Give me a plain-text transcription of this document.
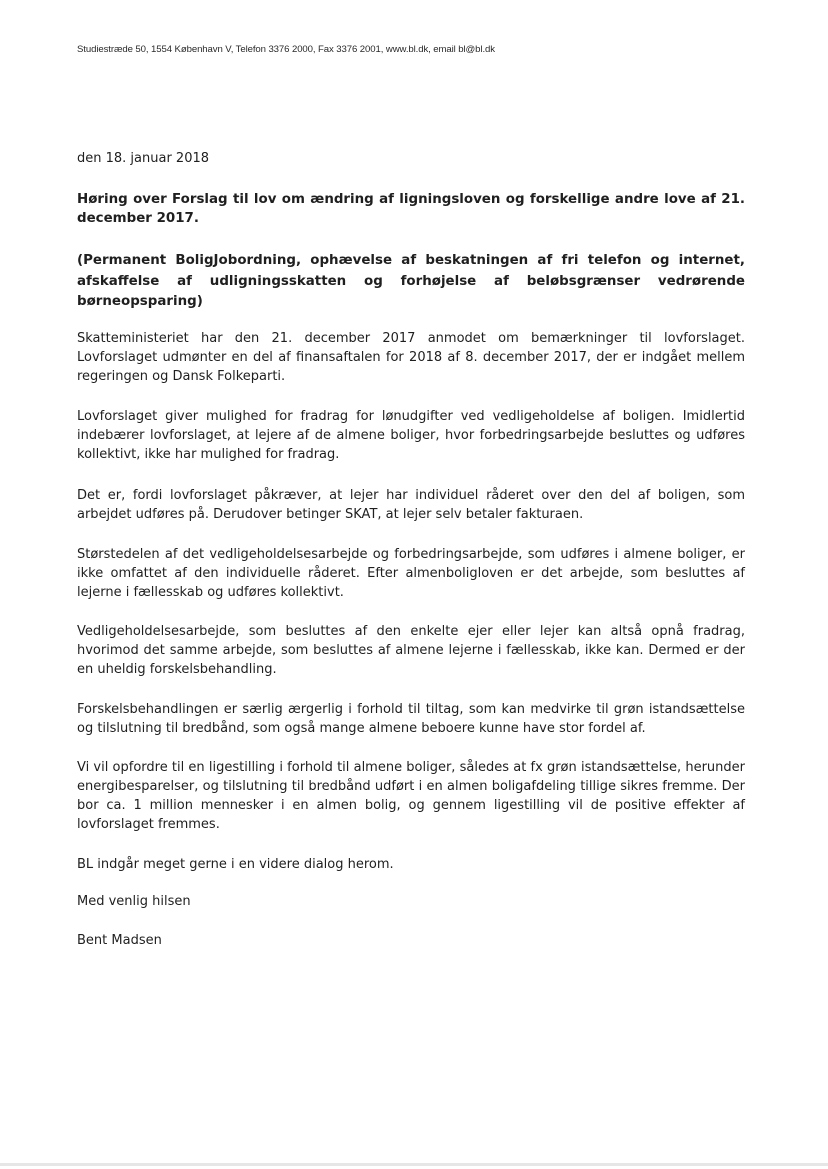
Studiestræde 50, 1554 København V, Telefon 3376 2000, Fax 3376 2001, www.bl.dk, email bl@bl.dk
den 18. januar 2018
Høring over Forslag til lov om ændring af ligningsloven og forskellige andre love af 21. december 2017.
(Permanent BoligJobordning, ophævelse af beskatningen af fri telefon og internet, afskaffelse af udligningsskatten og forhøjelse af beløbsgrænser vedrørende børneopsparing)
Skatteministeriet har den 21. december 2017 anmodet om bemærkninger til lovforslaget. Lovforslaget udmønter en del af finansaftalen for 2018 af 8. december 2017, der er indgået mellem regeringen og Dansk Folkeparti.
Lovforslaget giver mulighed for fradrag for lønudgifter ved vedligeholdelse af boligen. Imidlertid indebærer lovforslaget, at lejere af de almene boliger, hvor forbedringsarbejde besluttes og udføres kollektivt, ikke har mulighed for fradrag.
Det er, fordi lovforslaget påkræver, at lejer har individuel råderet over den del af boligen, som arbejdet udføres på. Derudover betinger SKAT, at lejer selv betaler fakturaen.
Størstedelen af det vedligeholdelsesarbejde og forbedringsarbejde, som udføres i almene boliger, er ikke omfattet af den individuelle råderet. Efter almenboligloven er det arbejde, som besluttes af lejerne i fællesskab og udføres kollektivt.
Vedligeholdelsesarbejde, som besluttes af den enkelte ejer eller lejer kan altså opnå fradrag, hvorimod det samme arbejde, som besluttes af almene lejerne i fællesskab, ikke kan. Dermed er der en uheldig forskelsbehandling.
Forskelsbehandlingen er særlig ærgerlig i forhold til tiltag, som kan medvirke til grøn istandsættelse og tilslutning til bredbånd, som også mange almene beboere kunne have stor fordel af.
Vi vil opfordre til en ligestilling i forhold til almene boliger, således at fx grøn istandsættelse, herunder energibesparelser, og tilslutning til bredbånd udført i en almen boligafdeling tillige sikres fremme. Der bor ca. 1 million mennesker i en almen bolig, og gennem ligestilling vil de positive effekter af lovforslaget fremmes.
BL indgår meget gerne i en videre dialog herom.
Med venlig hilsen
Bent Madsen
